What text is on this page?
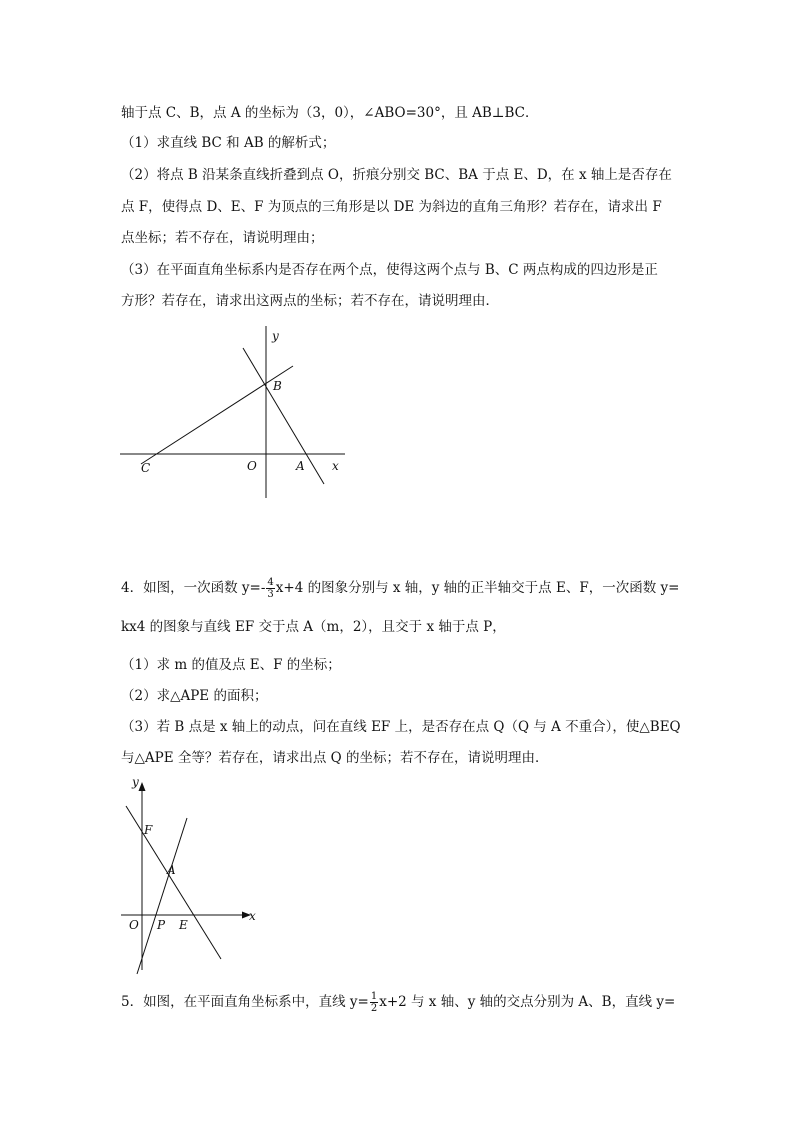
轴于点 C、B，点 A 的坐标为（3，0），∠ABO=30°，且 AB⊥BC．
（1）求直线 BC 和 AB 的解析式；
（2）将点 B 沿某条直线折叠到点 O，折痕分别交 BC、BA 于点 E、D，在 x 轴上是否存在
点 F，使得点 D、E、F 为顶点的三角形是以 DE 为斜边的直角三角形？若存在，请求出 F
点坐标；若不存在，请说明理由；
（3）在平面直角坐标系内是否存在两个点，使得这两个点与 B、C 两点构成的四边形是正
方形？若存在，请求出这两点的坐标；若不存在，请说明理由．
y
B
C	O	A x
4．如图，一次函数 $y=- \frac{4}{3} x+4$ 的图象分别与 x 轴，y 轴的正半轴交于点 E、F，一次函数 y=
kx4 的图象与直线 EF 交于点 A（m，2），且交于 x 轴于点 P，
（1）求 m 的值及点 E、F 的坐标；
（2）求△APE 的面积；
（3）若 B 点是 x 轴上的动点，问在直线 EF 上，是否存在点 Q（Q 与 A 不重合），使△BEQ
与△APE 全等？若存在，请求出点 Q 的坐标；若不存在，请说明理由．
y
F
A
O P E
x
5．如图，在平面直角坐标系中，直线 $y= \frac{1}{2} x+2$ 与 x 轴、y 轴的交点分别为 A、B，直线 y=
